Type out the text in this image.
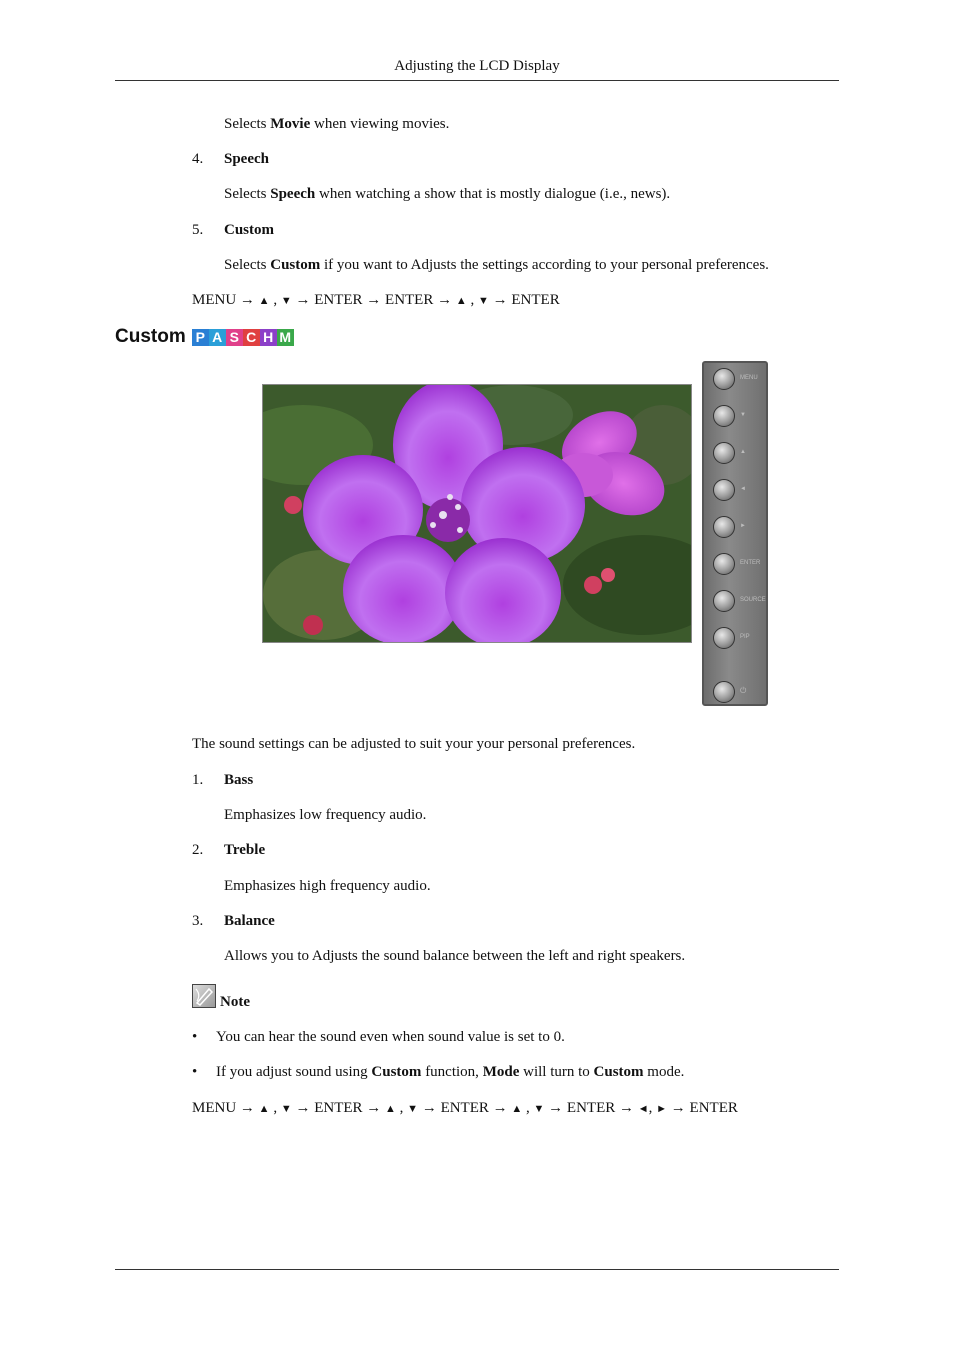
Adjusting the LCD Display
Selects Movie when viewing movies.
4. Speech
Selects Speech when watching a show that is mostly dialogue (i.e., news).
5. Custom
Selects Custom if you want to Adjusts the settings according to your personal preferences.
MENU → ▲ , ▼ → ENTER → ENTER → ▲ , ▼ → ENTER
Custom P A S C H M
MENU
▼
▲
◄
►
ENTER
SOURCE
PIP
⏻
The sound settings can be adjusted to suit your your personal preferences.
1. Bass
Emphasizes low frequency audio.
2. Treble
Emphasizes high frequency audio.
3. Balance
Allows you to Adjusts the sound balance between the left and right speakers.
Note
• You can hear the sound even when sound value is set to 0.
• If you adjust sound using Custom function, Mode will turn to Custom mode.
MENU → ▲ , ▼ → ENTER → ▲ , ▼ → ENTER → ▲ , ▼ → ENTER → ◄, ► → ENTER
